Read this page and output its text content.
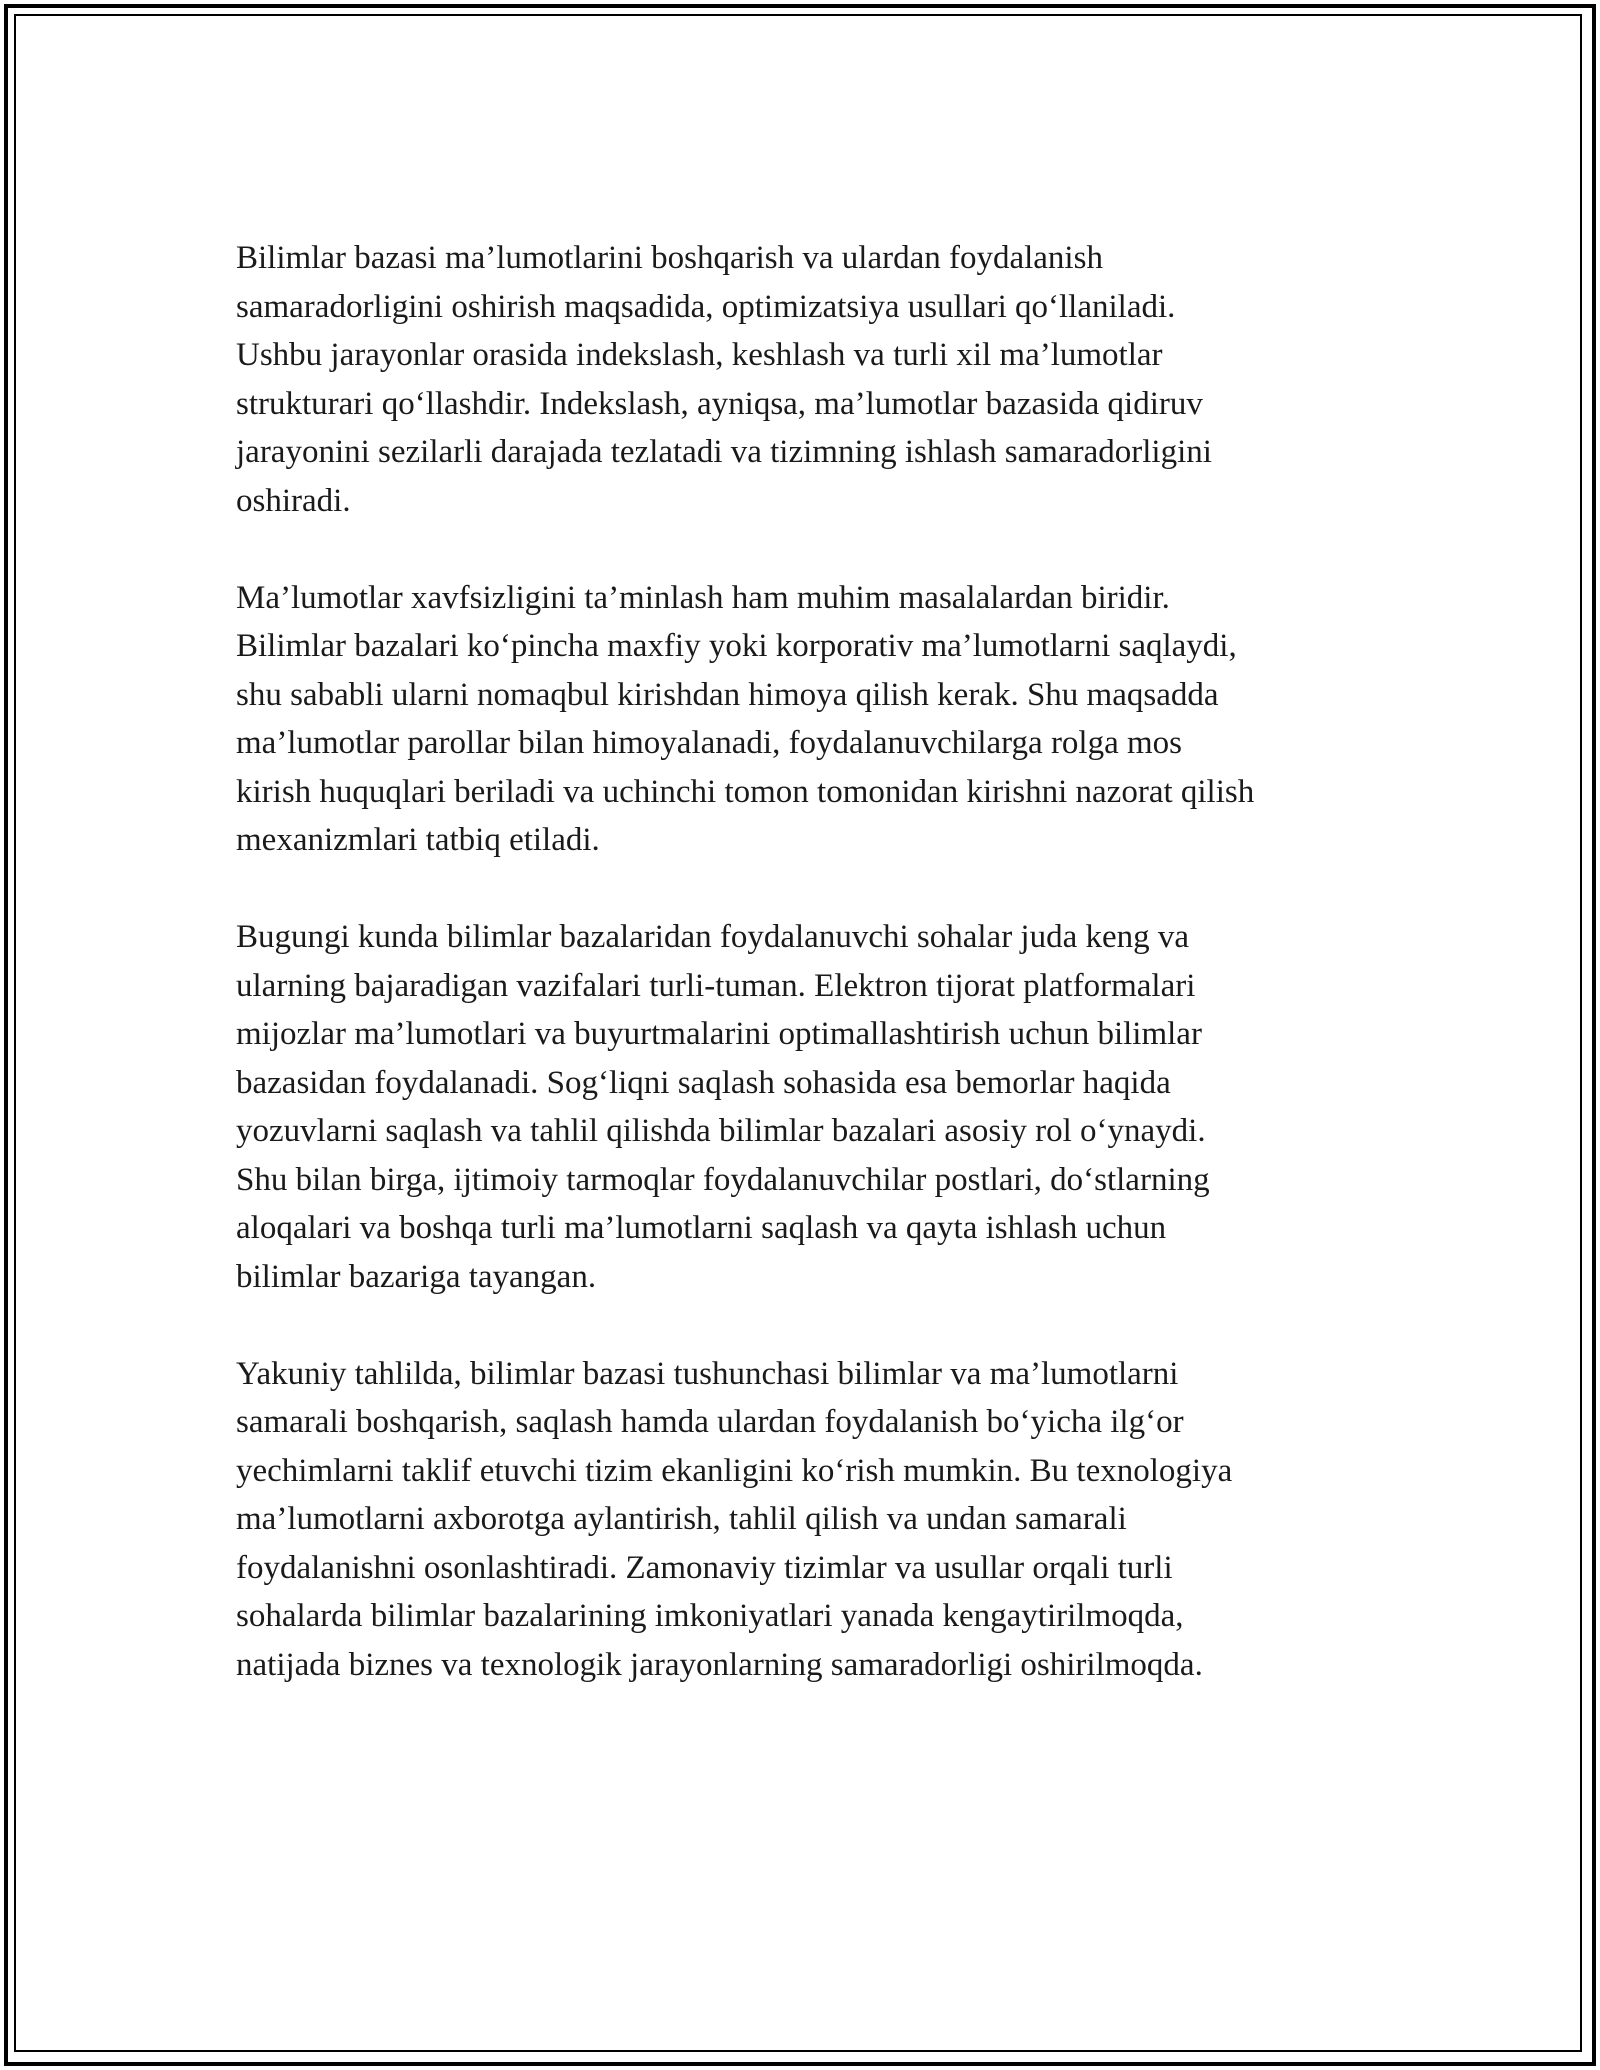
Bilimlar bazasi ma’lumotlarini boshqarish va ulardan foydalanish
samaradorligini oshirish maqsadida, optimizatsiya usullari qo‘llaniladi.
Ushbu jarayonlar orasida indekslash, keshlash va turli xil ma’lumotlar
strukturari qo‘llashdir. Indekslash, ayniqsa, ma’lumotlar bazasida qidiruv
jarayonini sezilarli darajada tezlatadi va tizimning ishlash samaradorligini
oshiradi.

Ma’lumotlar xavfsizligini ta’minlash ham muhim masalalardan biridir.
Bilimlar bazalari ko‘pincha maxfiy yoki korporativ ma’lumotlarni saqlaydi,
shu sababli ularni nomaqbul kirishdan himoya qilish kerak. Shu maqsadda
ma’lumotlar parollar bilan himoyalanadi, foydalanuvchilarga rolga mos
kirish huquqlari beriladi va uchinchi tomon tomonidan kirishni nazorat qilish
mexanizmlari tatbiq etiladi.

Bugungi kunda bilimlar bazalaridan foydalanuvchi sohalar juda keng va
ularning bajaradigan vazifalari turli-tuman. Elektron tijorat platformalari
mijozlar ma’lumotlari va buyurtmalarini optimallashtirish uchun bilimlar
bazasidan foydalanadi. Sog‘liqni saqlash sohasida esa bemorlar haqida
yozuvlarni saqlash va tahlil qilishda bilimlar bazalari asosiy rol o‘ynaydi.
Shu bilan birga, ijtimoiy tarmoqlar foydalanuvchilar postlari, do‘stlarning
aloqalari va boshqa turli ma’lumotlarni saqlash va qayta ishlash uchun
bilimlar bazariga tayangan.

Yakuniy tahlilda, bilimlar bazasi tushunchasi bilimlar va ma’lumotlarni
samarali boshqarish, saqlash hamda ulardan foydalanish bo‘yicha ilg‘or
yechimlarni taklif etuvchi tizim ekanligini ko‘rish mumkin. Bu texnologiya
ma’lumotlarni axborotga aylantirish, tahlil qilish va undan samarali
foydalanishni osonlashtiradi. Zamonaviy tizimlar va usullar orqali turli
sohalarda bilimlar bazalarining imkoniyatlari yanada kengaytirilmoqda,
natijada biznes va texnologik jarayonlarning samaradorligi oshirilmoqda.
